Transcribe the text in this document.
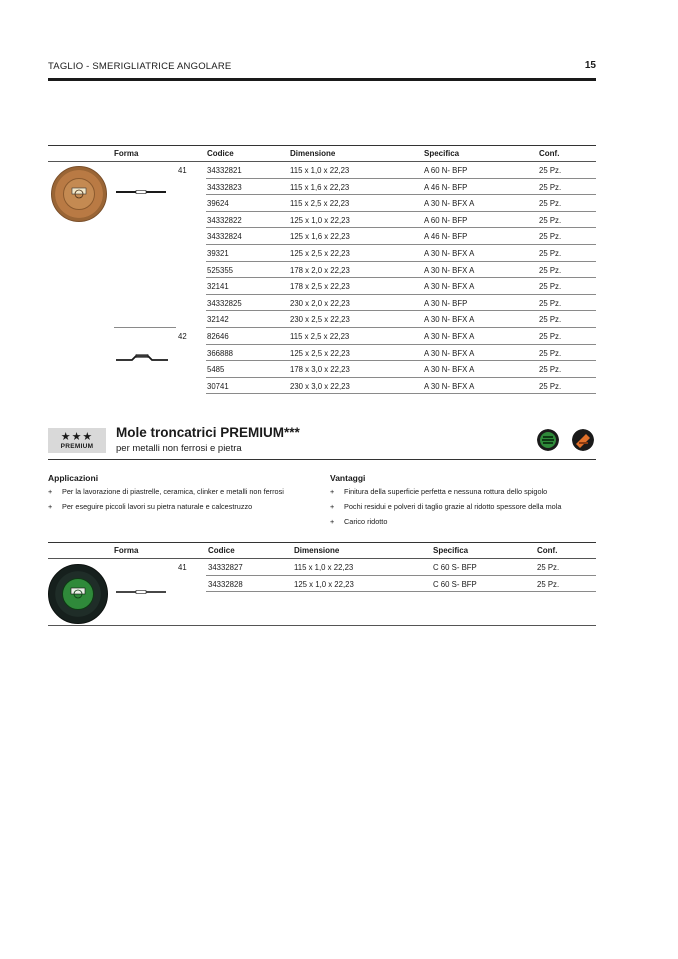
TAGLIO - SMERIGLIATRICE ANGOLARE	15
Forma	Codice	Dimensione	Specifica	Conf.
41	34332821	115 x 1,0 x 22,23	A 60 N- BFP	25 Pz.
34332823	115 x 1,6 x 22,23	A 46 N- BFP	25 Pz.
39624	115 x 2,5 x 22,23	A 30 N- BFX A	25 Pz.
34332822	125 x 1,0 x 22,23	A 60 N- BFP	25 Pz.
34332824	125 x 1,6 x 22,23	A 46 N- BFP	25 Pz.
39321	125 x 2,5 x 22,23	A 30 N- BFX A	25 Pz.
525355	178 x 2,0 x 22,23	A 30 N- BFX A	25 Pz.
32141	178 x 2,5 x 22,23	A 30 N- BFX A	25 Pz.
34332825	230 x 2,0 x 22,23	A 30 N- BFP	25 Pz.
32142	230 x 2,5 x 22,23	A 30 N- BFX A	25 Pz.
42	82646	115 x 2,5 x 22,23	A 30 N- BFX A	25 Pz.
366888	125 x 2,5 x 22,23	A 30 N- BFX A	25 Pz.
5485	178 x 3,0 x 22,23	A 30 N- BFX A	25 Pz.
30741	230 x 3,0 x 22,23	A 30 N- BFX A	25 Pz.
★★★
PREMIUM
Mole troncatrici PREMIUM***
per metalli non ferrosi e pietra
Applicazioni
+ Per la lavorazione di piastrelle, ceramica, clinker e metalli non ferrosi
+ Per eseguire piccoli lavori su pietra naturale e calcestruzzo
Vantaggi
+ Finitura della superficie perfetta e nessuna rottura dello spigolo
+ Pochi residui e polveri di taglio grazie al ridotto spessore della mola
+ Carico ridotto
Forma	Codice	Dimensione	Specifica	Conf.
41	34332827	115 x 1,0 x 22,23	C 60 S- BFP	25 Pz.
34332828	125 x 1,0 x 22,23	C 60 S- BFP	25 Pz.
